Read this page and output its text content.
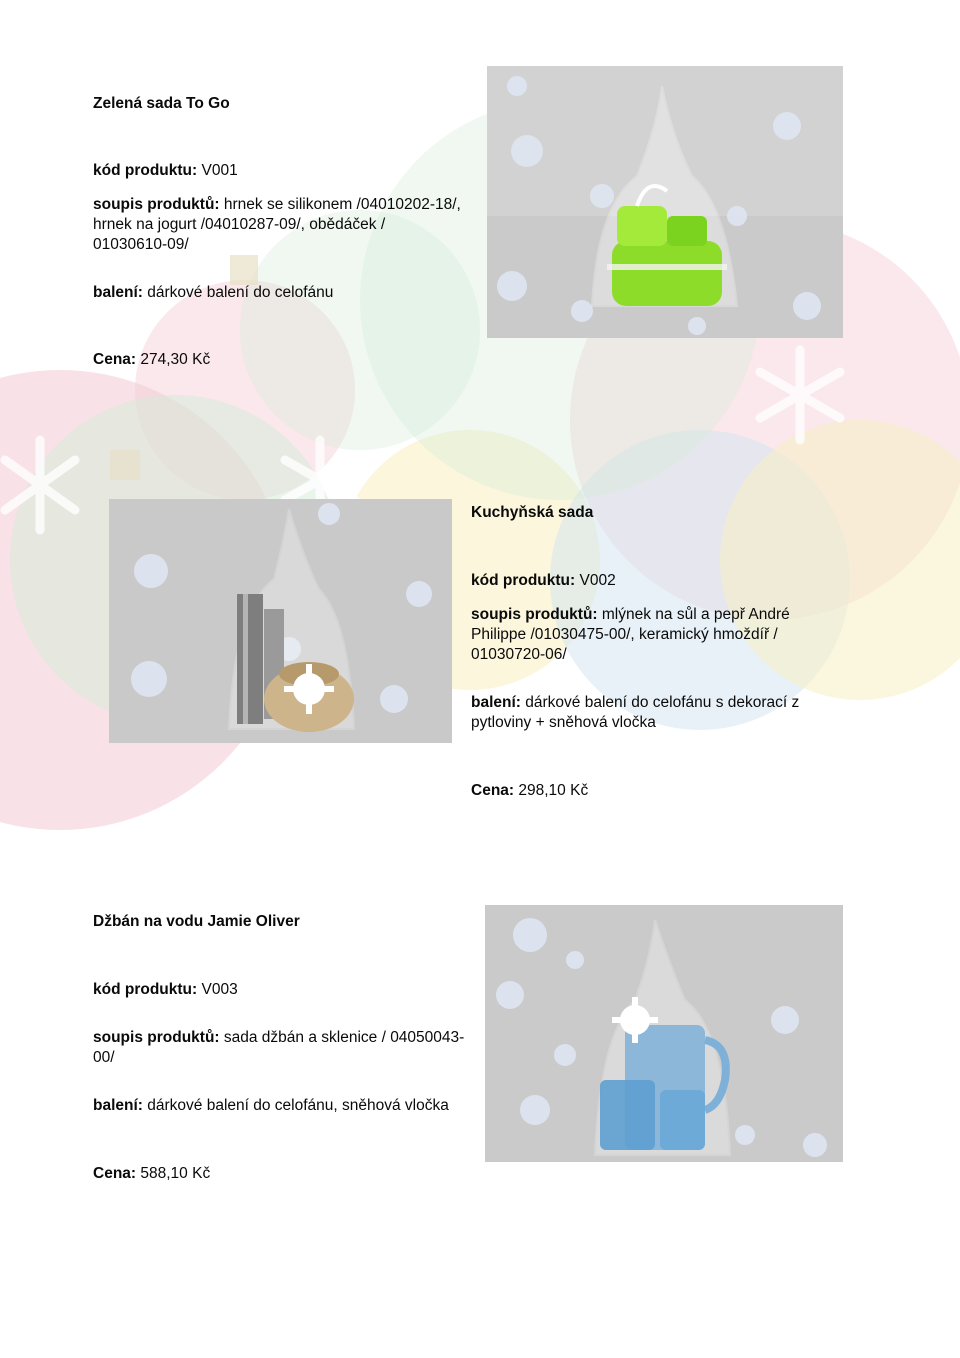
Zelená sada To Go

kód produktu: V001

soupis produktů: hrnek se silikonem /04010202-18/, hrnek na jogurt /04010287-09/, obědáček / 01030610-09/

balení: dárkové balení do celofánu

Cena: 274,30 Kč

Kuchyňská sada

kód produktu: V002

soupis produktů: mlýnek na sůl a pepř André Philippe /01030475-00/, keramický hmoždíř / 01030720-06/

balení: dárkové balení do celofánu s dekorací z pytloviny + sněhová vločka

Cena: 298,10 Kč

Džbán na vodu Jamie Oliver

kód produktu: V003

soupis produktů: sada džbán a sklenice / 04050043-00/

balení: dárkové balení do celofánu, sněhová vločka

Cena: 588,10 Kč
